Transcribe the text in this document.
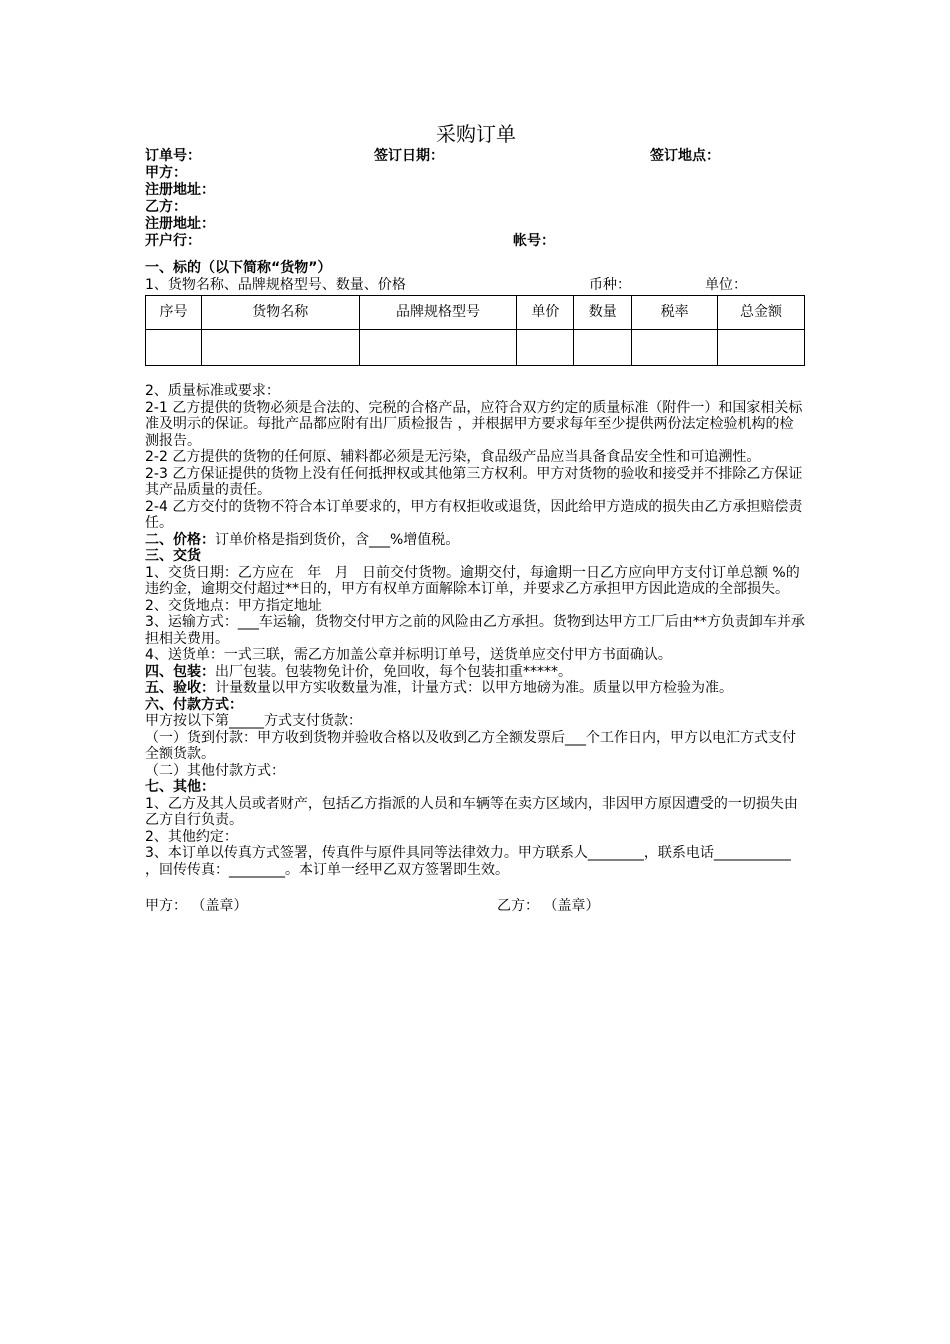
采购订单
订单号：	签订日期：	签订地点：
甲方：
注册地址：
乙方：
注册地址：
开户行：	帐号：
一、标的（以下简称“货物”）
1、货物名称、品牌规格型号、数量、价格	币种：	单位：
序号	货物名称	品牌规格型号	单价	数量	税率	总金额

2、质量标准或要求：
2-1 乙方提供的货物必须是合法的、完税的合格产品，应符合双方约定的质量标准（附件一）和国家相关标准及明示的保证。每批产品都应附有出厂质检报告 ，并根据甲方要求每年至少提供两份法定检验机构的检测报告。
2-2 乙方提供的货物的任何原、辅料都必须是无污染，食品级产品应当具备食品安全性和可追溯性。
2-3 乙方保证提供的货物上没有任何抵押权或其他第三方权利。甲方对货物的验收和接受并不排除乙方保证其产品质量的责任。
2-4 乙方交付的货物不符合本订单要求的，甲方有权拒收或退货，因此给甲方造成的损失由乙方承担赔偿责任。
二、价格：订单价格是指到货价，含___%增值税。
三、交货
1、交货日期：乙方应在   年   月   日前交付货物。逾期交付，每逾期一日乙方应向甲方支付订单总额 %的违约金，逾期交付超过**日的，甲方有权单方面解除本订单，并要求乙方承担甲方因此造成的全部损失。
2、交货地点：甲方指定地址
3、运输方式：___车运输，货物交付甲方之前的风险由乙方承担。货物到达甲方工厂后由**方负责卸车并承担相关费用。
4、送货单：一式三联，需乙方加盖公章并标明订单号，送货单应交付甲方书面确认。
四、包装：出厂包装。包装物免计价，免回收，每个包装扣重*****。
五、验收：计量数量以甲方实收数量为准，计量方式：以甲方地磅为准。质量以甲方检验为准。
六、付款方式：
甲方按以下第_____方式支付货款：
（一）货到付款：甲方收到货物并验收合格以及收到乙方全额发票后___个工作日内，甲方以电汇方式支付全额货款。
（二）其他付款方式：
七、其他：
1、乙方及其人员或者财产，包括乙方指派的人员和车辆等在卖方区域内，非因甲方原因遭受的一切损失由乙方自行负责。
2、其他约定：
3、本订单以传真方式签署，传真件与原件具同等法律效力。甲方联系人________，联系电话___________ ，回传传真：________。本订单一经甲乙双方签署即生效。
甲方： （盖章）	乙方： （盖章）
